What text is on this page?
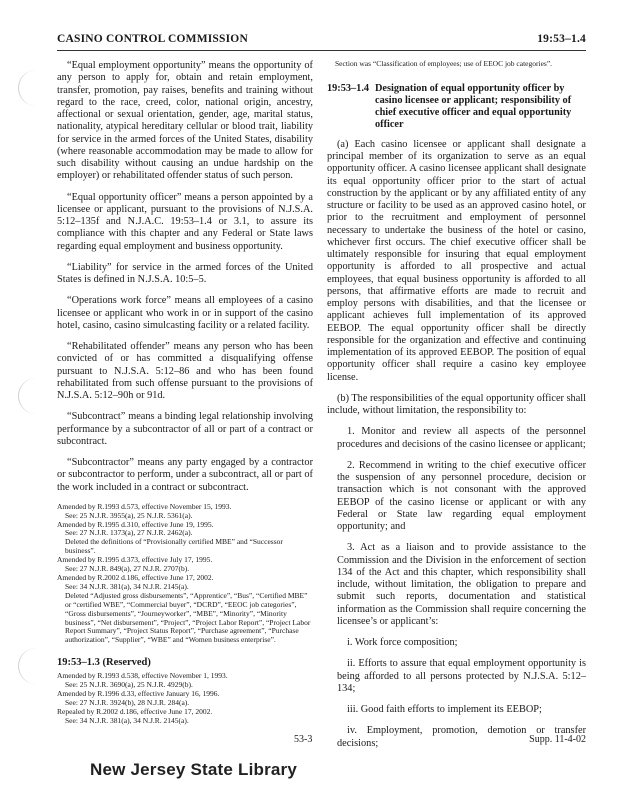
CASINO CONTROL COMMISSION	19:53–1.4

“Equal employment opportunity” means the opportunity of any person to apply for, obtain and retain employment, transfer, promotion, pay raises, benefits and training without regard to the race, creed, color, national origin, ancestry, affectional or sexual orientation, gender, age, marital status, nationality, atypical hereditary cellular or blood trait, liability for service in the armed forces of the United States, disability (where reasonable accommodation may be made to allow for such disability without causing an undue hardship on the employer) or rehabilitated offender status of such person.

“Equal opportunity officer” means a person appointed by a licensee or applicant, pursuant to the provisions of N.J.S.A. 5:12–135f and N.J.A.C. 19:53–1.4 or 3.1, to assure its compliance with this chapter and any Federal or State laws regarding equal employment and business opportunity.

“Liability” for service in the armed forces of the United States is defined in N.J.S.A. 10:5–5.

“Operations work force” means all employees of a casino licensee or applicant who work in or in support of the casino hotel, casino, casino simulcasting facility or a related facility.

“Rehabilitated offender” means any person who has been convicted of or has committed a disqualifying offense pursuant to N.J.S.A. 5:12–86 and who has been found rehabilitated from such offense pursuant to the provisions of N.J.S.A. 5:12–90h or 91d.

“Subcontract” means a binding legal relationship involving performance by a subcontractor of all or part of a contract or subcontract.

“Subcontractor” means any party engaged by a contractor or subcontractor to perform, under a subcontract, all or part of the work included in a contract or subcontract.

Amended by R.1993 d.573, effective November 15, 1993.

See: 25 N.J.R. 3955(a), 25 N.J.R. 5361(a).

Amended by R.1995 d.310, effective June 19, 1995.

See: 27 N.J.R. 1373(a), 27 N.J.R. 2462(a).

Deleted the definitions of “Provisionally certified MBE” and “Successor business”.

Amended by R.1995 d.373, effective July 17, 1995.

See: 27 N.J.R. 849(a), 27 N.J.R. 2707(b).

Amended by R.2002 d.186, effective June 17, 2002.

See: 34 N.J.R. 381(a), 34 N.J.R. 2145(a).

Deleted “Adjusted gross disbursements”, “Apprentice”, “Bus”, “Certified MBE” or “certified WBE”, “Commercial buyer”, “DCRD”, “EEOC job categories”, “Gross disbursements”, “Journeyworker”, “MBE”, “Minority”, “Minority business”, “Net disbursement”, “Project”, “Project Labor Report”, “Project Labor Report Summary”, “Project Status Report”, “Purchase agreement”, “Purchase authorization”, “Supplier”, “WBE” and “Women business enterprise”.

19:53–1.3 (Reserved)

Amended by R.1993 d.538, effective November 1, 1993.

See: 25 N.J.R. 3690(a), 25 N.J.R. 4929(b).

Amended by R.1996 d.33, effective January 16, 1996.

See: 27 N.J.R. 3924(b), 28 N.J.R. 284(a).

Repealed by R.2002 d.186, effective June 17, 2002.

See: 34 N.J.R. 381(a), 34 N.J.R. 2145(a).

Section was “Classification of employees; use of EEOC job categories”.

19:53–1.4 Designation of equal opportunity officer by casino licensee or applicant; responsibility of chief executive officer and equal opportunity officer

(a) Each casino licensee or applicant shall designate a principal member of its organization to serve as an equal opportunity officer. A casino licensee applicant shall designate its equal opportunity officer prior to the start of actual construction by the applicant or by any affiliated entity of any structure or facility to be used as an approved casino hotel, or prior to the recruitment and employment of personnel necessary to undertake the business of the hotel or casino, whichever first occurs. The chief executive officer shall be ultimately responsible for insuring that equal employment opportunity is afforded to all prospective and actual employees, that equal business opportunity is afforded to all persons, that affirmative efforts are made to recruit and employ persons with disabilities, and that the licensee or applicant achieves full implementation of its approved EEBOP. The equal opportunity officer shall be directly responsible for the organization and effective and continuing implementation of its approved EEBOP. The position of equal opportunity officer shall require a casino key employee license.

(b) The responsibilities of the equal opportunity officer shall include, without limitation, the responsibility to:

1. Monitor and review all aspects of the personnel procedures and decisions of the casino licensee or applicant;

2. Recommend in writing to the chief executive officer the suspension of any personnel procedure, decision or transaction which is not consonant with the approved EEBOP of the casino license or applicant or with any Federal or State law regarding equal employment opportunity; and

3. Act as a liaison and to provide assistance to the Commission and the Division in the enforcement of section 134 of the Act and this chapter, which responsibility shall include, without limitation, the obligation to prepare and submit such reports, documentation and statistical information as the Commission shall require concerning the licensee’s or applicant’s:

i. Work force composition;

ii. Efforts to assure that equal employment opportunity is being afforded to all persons protected by N.J.S.A. 5:12–134;

iii. Good faith efforts to implement its EEBOP;

iv. Employment, promotion, demotion or transfer decisions;

53-3	Supp. 11-4-02
New Jersey State Library
